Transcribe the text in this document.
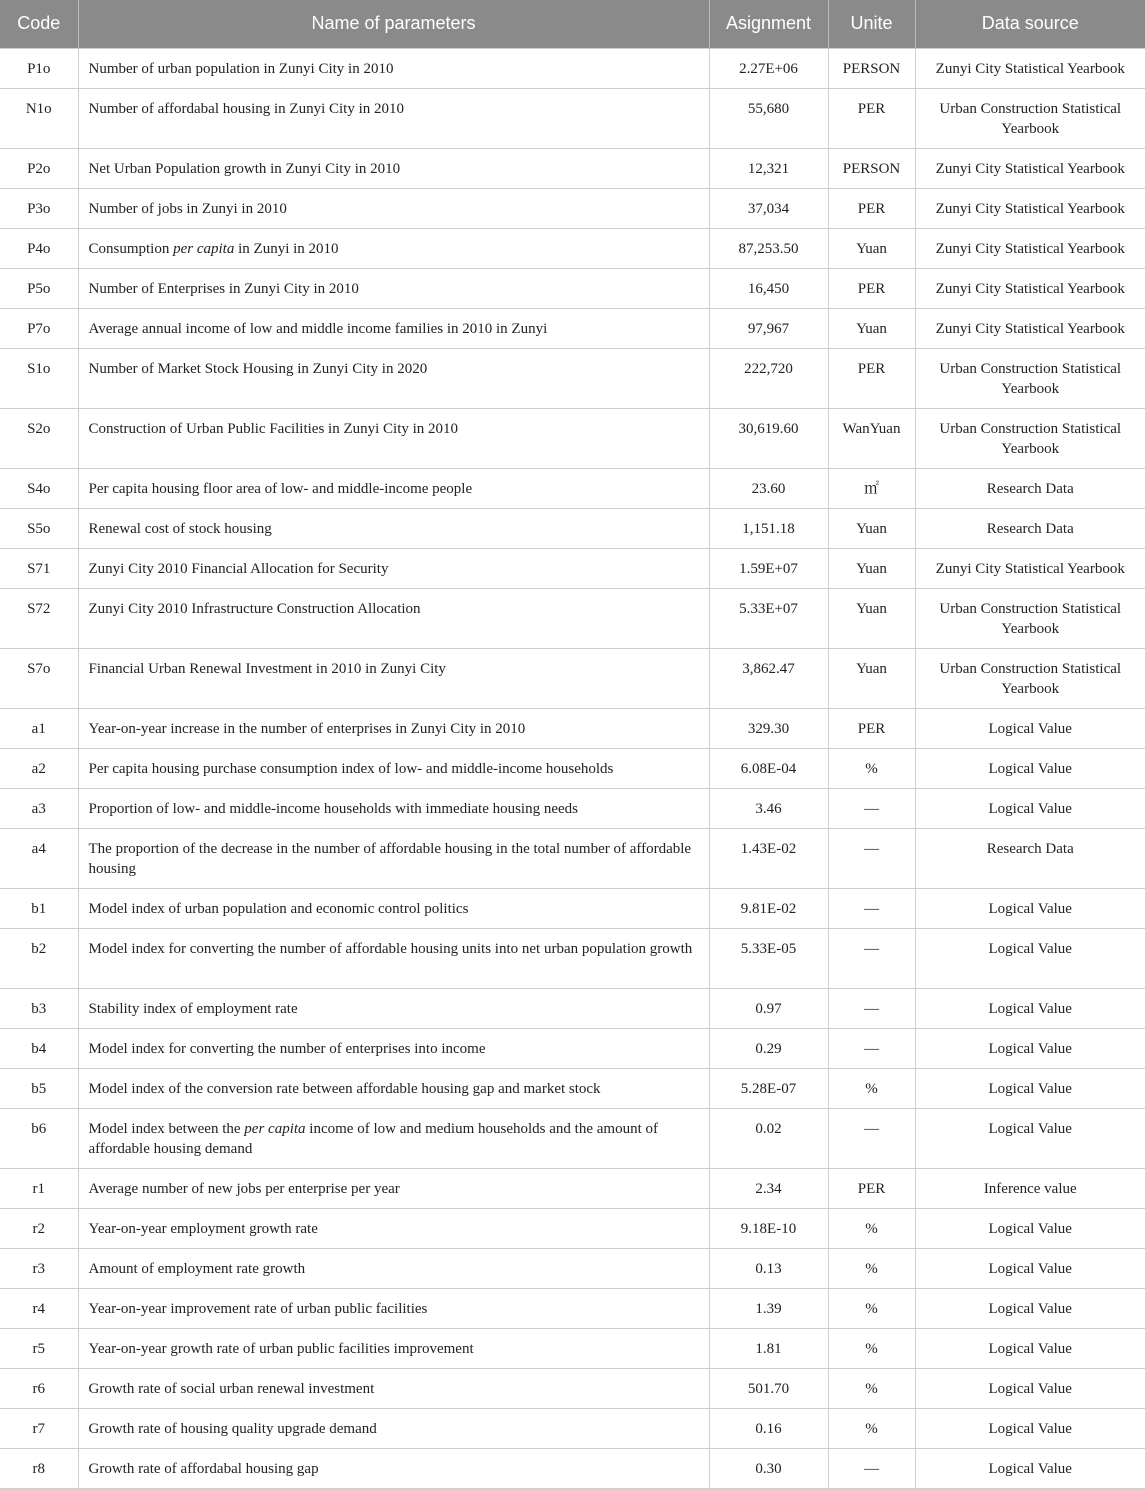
Code	Name of parameters	Asignment	Unite	Data source
P1o	Number of urban population in Zunyi City in 2010	2.27E+06	PERSON	Zunyi City Statistical Yearbook
N1o	Number of affordabal housing in Zunyi City in 2010	55,680	PER	Urban Construction Statistical Yearbook
P2o	Net Urban Population growth in Zunyi City in 2010	12,321	PERSON	Zunyi City Statistical Yearbook
P3o	Number of jobs in Zunyi in 2010	37,034	PER	Zunyi City Statistical Yearbook
P4o	Consumption per capita in Zunyi in 2010	87,253.50	Yuan	Zunyi City Statistical Yearbook
P5o	Number of Enterprises in Zunyi City in 2010	16,450	PER	Zunyi City Statistical Yearbook
P7o	Average annual income of low and middle income families in 2010 in Zunyi	97,967	Yuan	Zunyi City Statistical Yearbook
S1o	Number of Market Stock Housing in Zunyi City in 2020	222,720	PER	Urban Construction Statistical Yearbook
S2o	Construction of Urban Public Facilities in Zunyi City in 2010	30,619.60	WanYuan	Urban Construction Statistical Yearbook
S4o	Per capita housing floor area of low- and middle-income people	23.60	㎡	Research Data
S5o	Renewal cost of stock housing	1,151.18	Yuan	Research Data
S71	Zunyi City 2010 Financial Allocation for Security	1.59E+07	Yuan	Zunyi City Statistical Yearbook
S72	Zunyi City 2010 Infrastructure Construction Allocation	5.33E+07	Yuan	Urban Construction Statistical Yearbook
S7o	Financial Urban Renewal Investment in 2010 in Zunyi City	3,862.47	Yuan	Urban Construction Statistical Yearbook
a1	Year-on-year increase in the number of enterprises in Zunyi City in 2010	329.30	PER	Logical Value
a2	Per capita housing purchase consumption index of low- and middle-income households	6.08E-04	%	Logical Value
a3	Proportion of low- and middle-income households with immediate housing needs	3.46	—	Logical Value
a4	The proportion of the decrease in the number of affordable housing in the total number of affordable housing	1.43E-02	—	Research Data
b1	Model index of urban population and economic control politics	9.81E-02	—	Logical Value
b2	Model index for converting the number of affordable housing units into net urban population growth	5.33E-05	—	Logical Value
b3	Stability index of employment rate	0.97	—	Logical Value
b4	Model index for converting the number of enterprises into income	0.29	—	Logical Value
b5	Model index of the conversion rate between affordable housing gap and market stock	5.28E-07	%	Logical Value
b6	Model index between the per capita income of low and medium households and the amount of affordable housing demand	0.02	—	Logical Value
r1	Average number of new jobs per enterprise per year	2.34	PER	Inference value
r2	Year-on-year employment growth rate	9.18E-10	%	Logical Value
r3	Amount of employment rate growth	0.13	%	Logical Value
r4	Year-on-year improvement rate of urban public facilities	1.39	%	Logical Value
r5	Year-on-year growth rate of urban public facilities improvement	1.81	%	Logical Value
r6	Growth rate of social urban renewal investment	501.70	%	Logical Value
r7	Growth rate of housing quality upgrade demand	0.16	%	Logical Value
r8	Growth rate of affordabal housing gap	0.30	—	Logical Value
